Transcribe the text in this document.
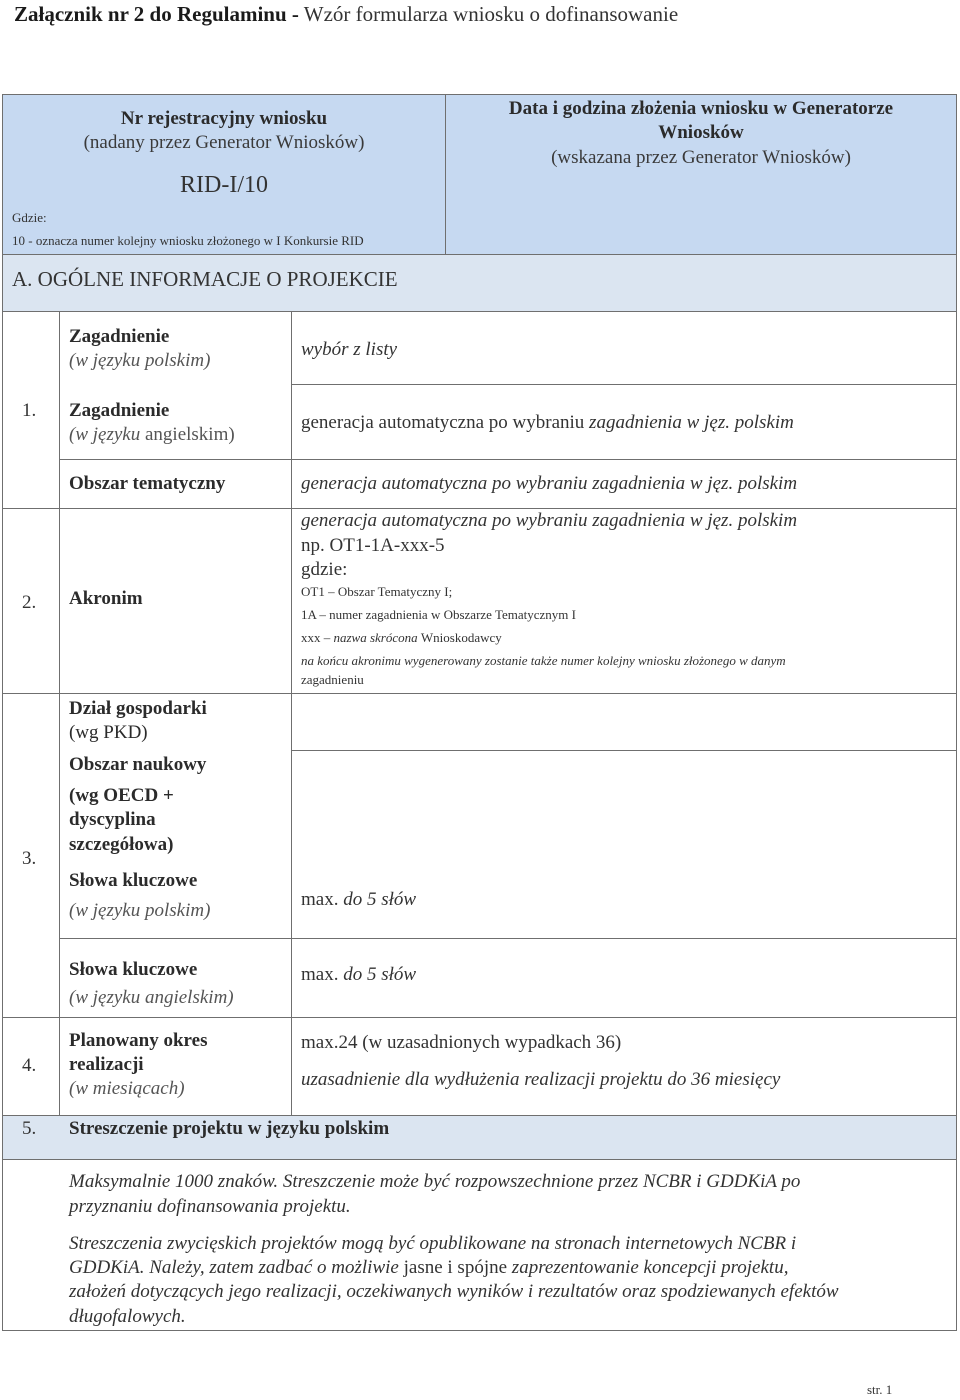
Załącznik nr 2 do Regulaminu - Wzór formularza wniosku o dofinansowanie
Nr rejestracyjny wniosku
(nadany przez Generator Wniosków)
RID-I/10
Gdzie:
10 - oznacza numer kolejny wniosku złożonego w I Konkursie RID
Data i godzina złożenia wniosku w Generatorze
Wniosków
(wskazana przez Generator Wniosków)
A. OGÓLNE INFORMACJE O PROJEKCIE
1.
Zagadnienie
(w języku polskim)
wybór z listy
Zagadnienie
(w języku angielskim)
generacja automatyczna po wybraniu zagadnienia w jęz. polskim
Obszar tematyczny	generacja automatyczna po wybraniu zagadnienia w jęz. polskim
2. Akronim
generacja automatyczna po wybraniu zagadnienia w jęz. polskim
np. OT1-1A-xxx-5
gdzie:
OT1 – Obszar Tematyczny I;
1A – numer zagadnienia w Obszarze Tematycznym I
xxx – nazwa skrócona Wnioskodawcy
na końcu akronimu wygenerowany zostanie także numer kolejny wniosku złożonego w danym
zagadnieniu
3.
Dział gospodarki
(wg PKD)
Obszar naukowy
(wg OECD +
dyscyplina
szczegółowa)
Słowa kluczowe
(w języku polskim)
max. do 5 słów
Słowa kluczowe
(w języku angielskim)
max. do 5 słów
4.
Planowany okres
realizacji
(w miesiącach)
max.24 (w uzasadnionych wypadkach 36)
uzasadnienie dla wydłużenia realizacji projektu do 36 miesięcy
5. Streszczenie projektu w języku polskim
Maksymalnie 1000 znaków. Streszczenie może być rozpowszechnione przez NCBR i GDDKiA po
przyznaniu dofinansowania projektu.
Streszczenia zwycięskich projektów mogą być opublikowane na stronach internetowych NCBR i
GDDKiA. Należy, zatem zadbać o możliwie jasne i spójne zaprezentowanie koncepcji projektu,
założeń dotyczących jego realizacji, oczekiwanych wyników i rezultatów oraz spodziewanych efektów
długofalowych.
str. 1
